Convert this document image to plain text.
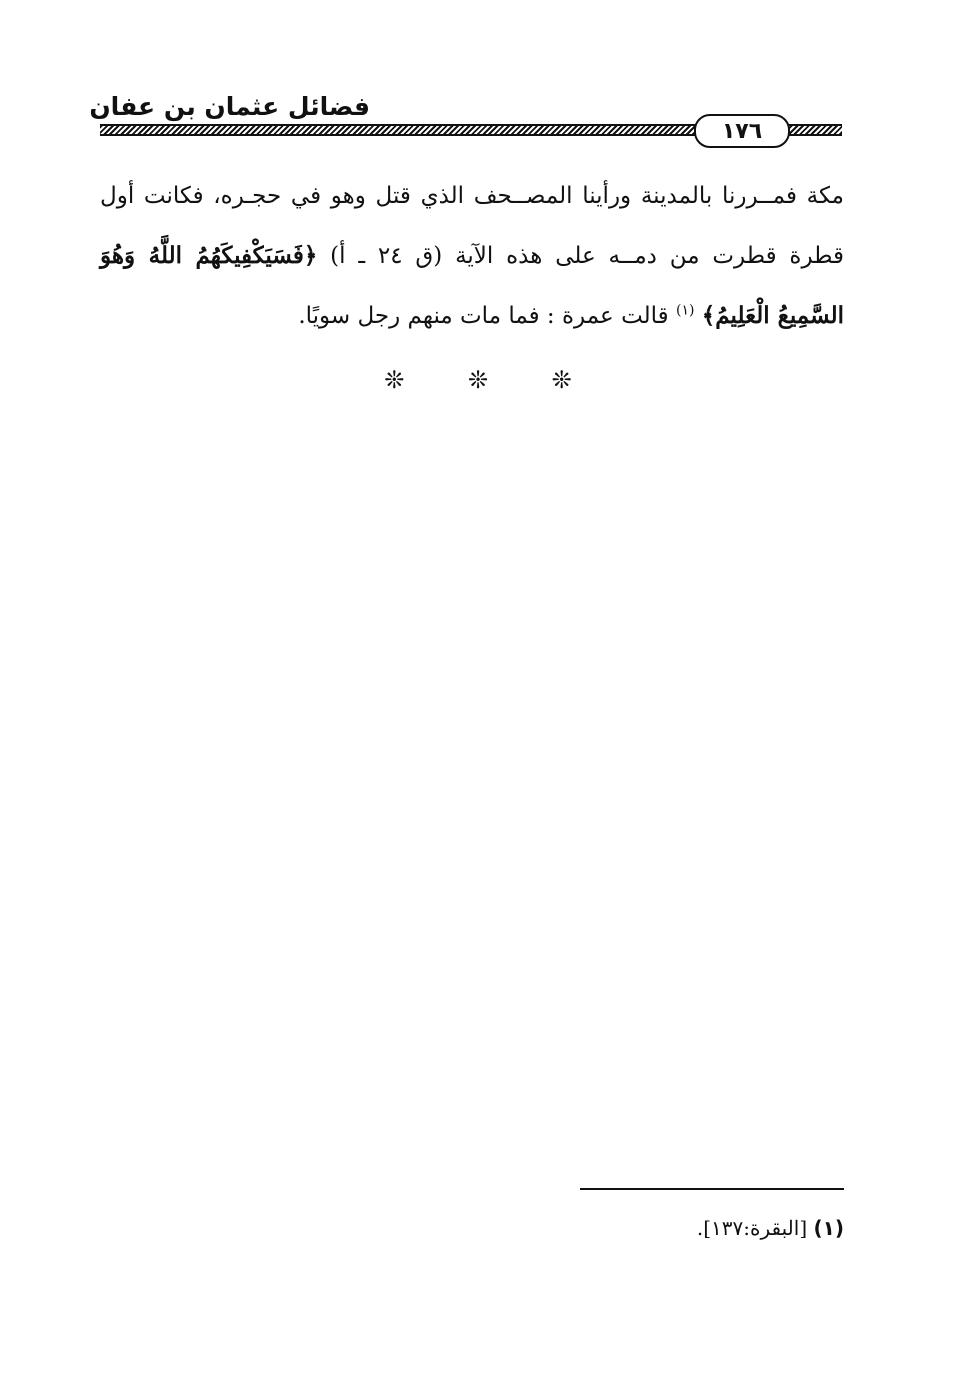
فضائل عثمان بن عفان
١٧٦
مكة فمــررنا بالمدينة ورأينا المصــحف الذي قتل وهو في حجـره، فكانت أول قطرة قطرت من دمــه على هذه الآية (ق ٢٤ ـ أ) ﴿فَسَيَكْفِيكَهُمُ اللَّهُ وَهُوَ السَّمِيعُ الْعَلِيمُ﴾ $^{(١)}$ قالت عمرة : فما مات منهم رجل سويًا.
❊ ❊ ❊
(١) [البقرة:١٣٧].
